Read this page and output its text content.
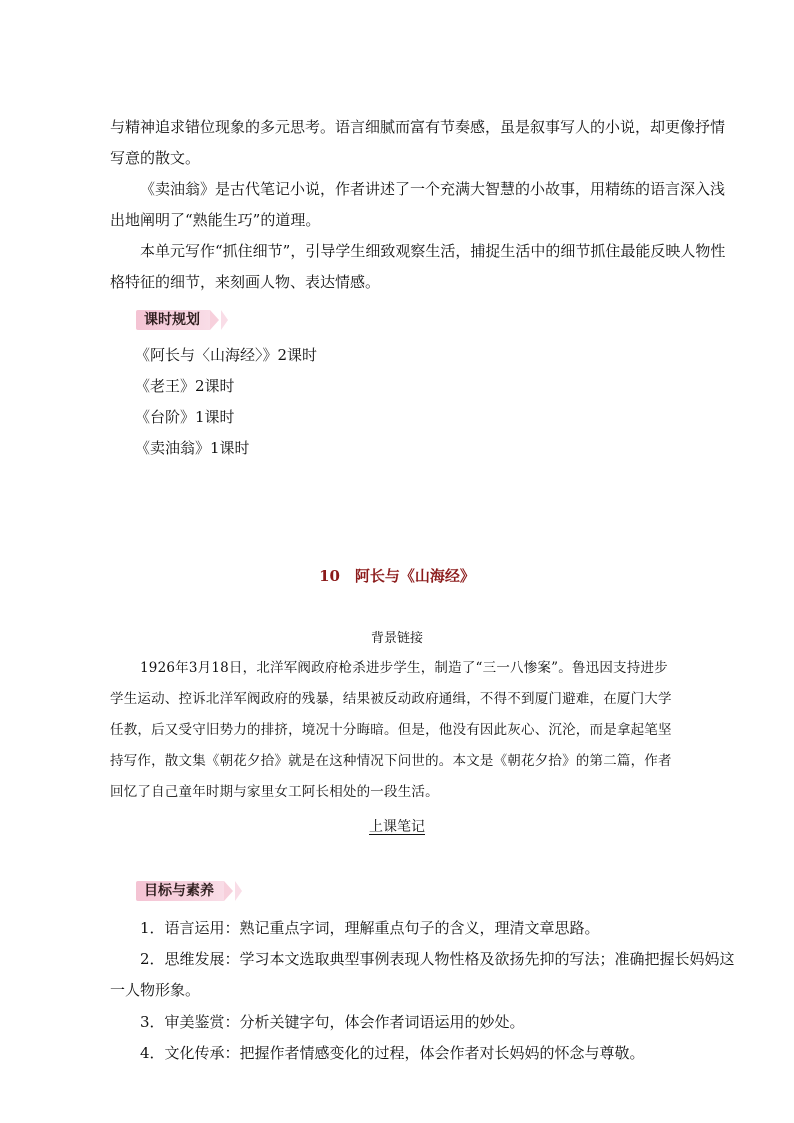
与精神追求错位现象的多元思考。语言细腻而富有节奏感，虽是叙事写人的小说，却更像抒情
写意的散文。

《卖油翁》是古代笔记小说，作者讲述了一个充满大智慧的小故事，用精练的语言深入浅
出地阐明了“熟能生巧”的道理。

本单元写作“抓住细节”，引导学生细致观察生活，捕捉生活中的细节抓住最能反映人物性
格特征的细节，来刻画人物、表达情感。

课时规划

《阿长与〈山海经〉》2课时

《老王》2课时

《台阶》1课时

《卖油翁》1课时

10　阿长与《山海经》

背景链接

1926年3月18日，北洋军阀政府枪杀进步学生，制造了“三一八惨案”。鲁迅因支持进步
学生运动、控诉北洋军阀政府的残暴，结果被反动政府通缉，不得不到厦门避难，在厦门大学
任教，后又受守旧势力的排挤，境况十分晦暗。但是，他没有因此灰心、沉沦，而是拿起笔坚
持写作，散文集《朝花夕拾》就是在这种情况下问世的。本文是《朝花夕拾》的第二篇，作者
回忆了自己童年时期与家里女工阿长相处的一段生活。

上课笔记

目标与素养

1．语言运用：熟记重点字词，理解重点句子的含义，理清文章思路。

2．思维发展：学习本文选取典型事例表现人物性格及欲扬先抑的写法；准确把握长妈妈这
一人物形象。

3．审美鉴赏：分析关键字句，体会作者词语运用的妙处。

4．文化传承：把握作者情感变化的过程，体会作者对长妈妈的怀念与尊敬。
